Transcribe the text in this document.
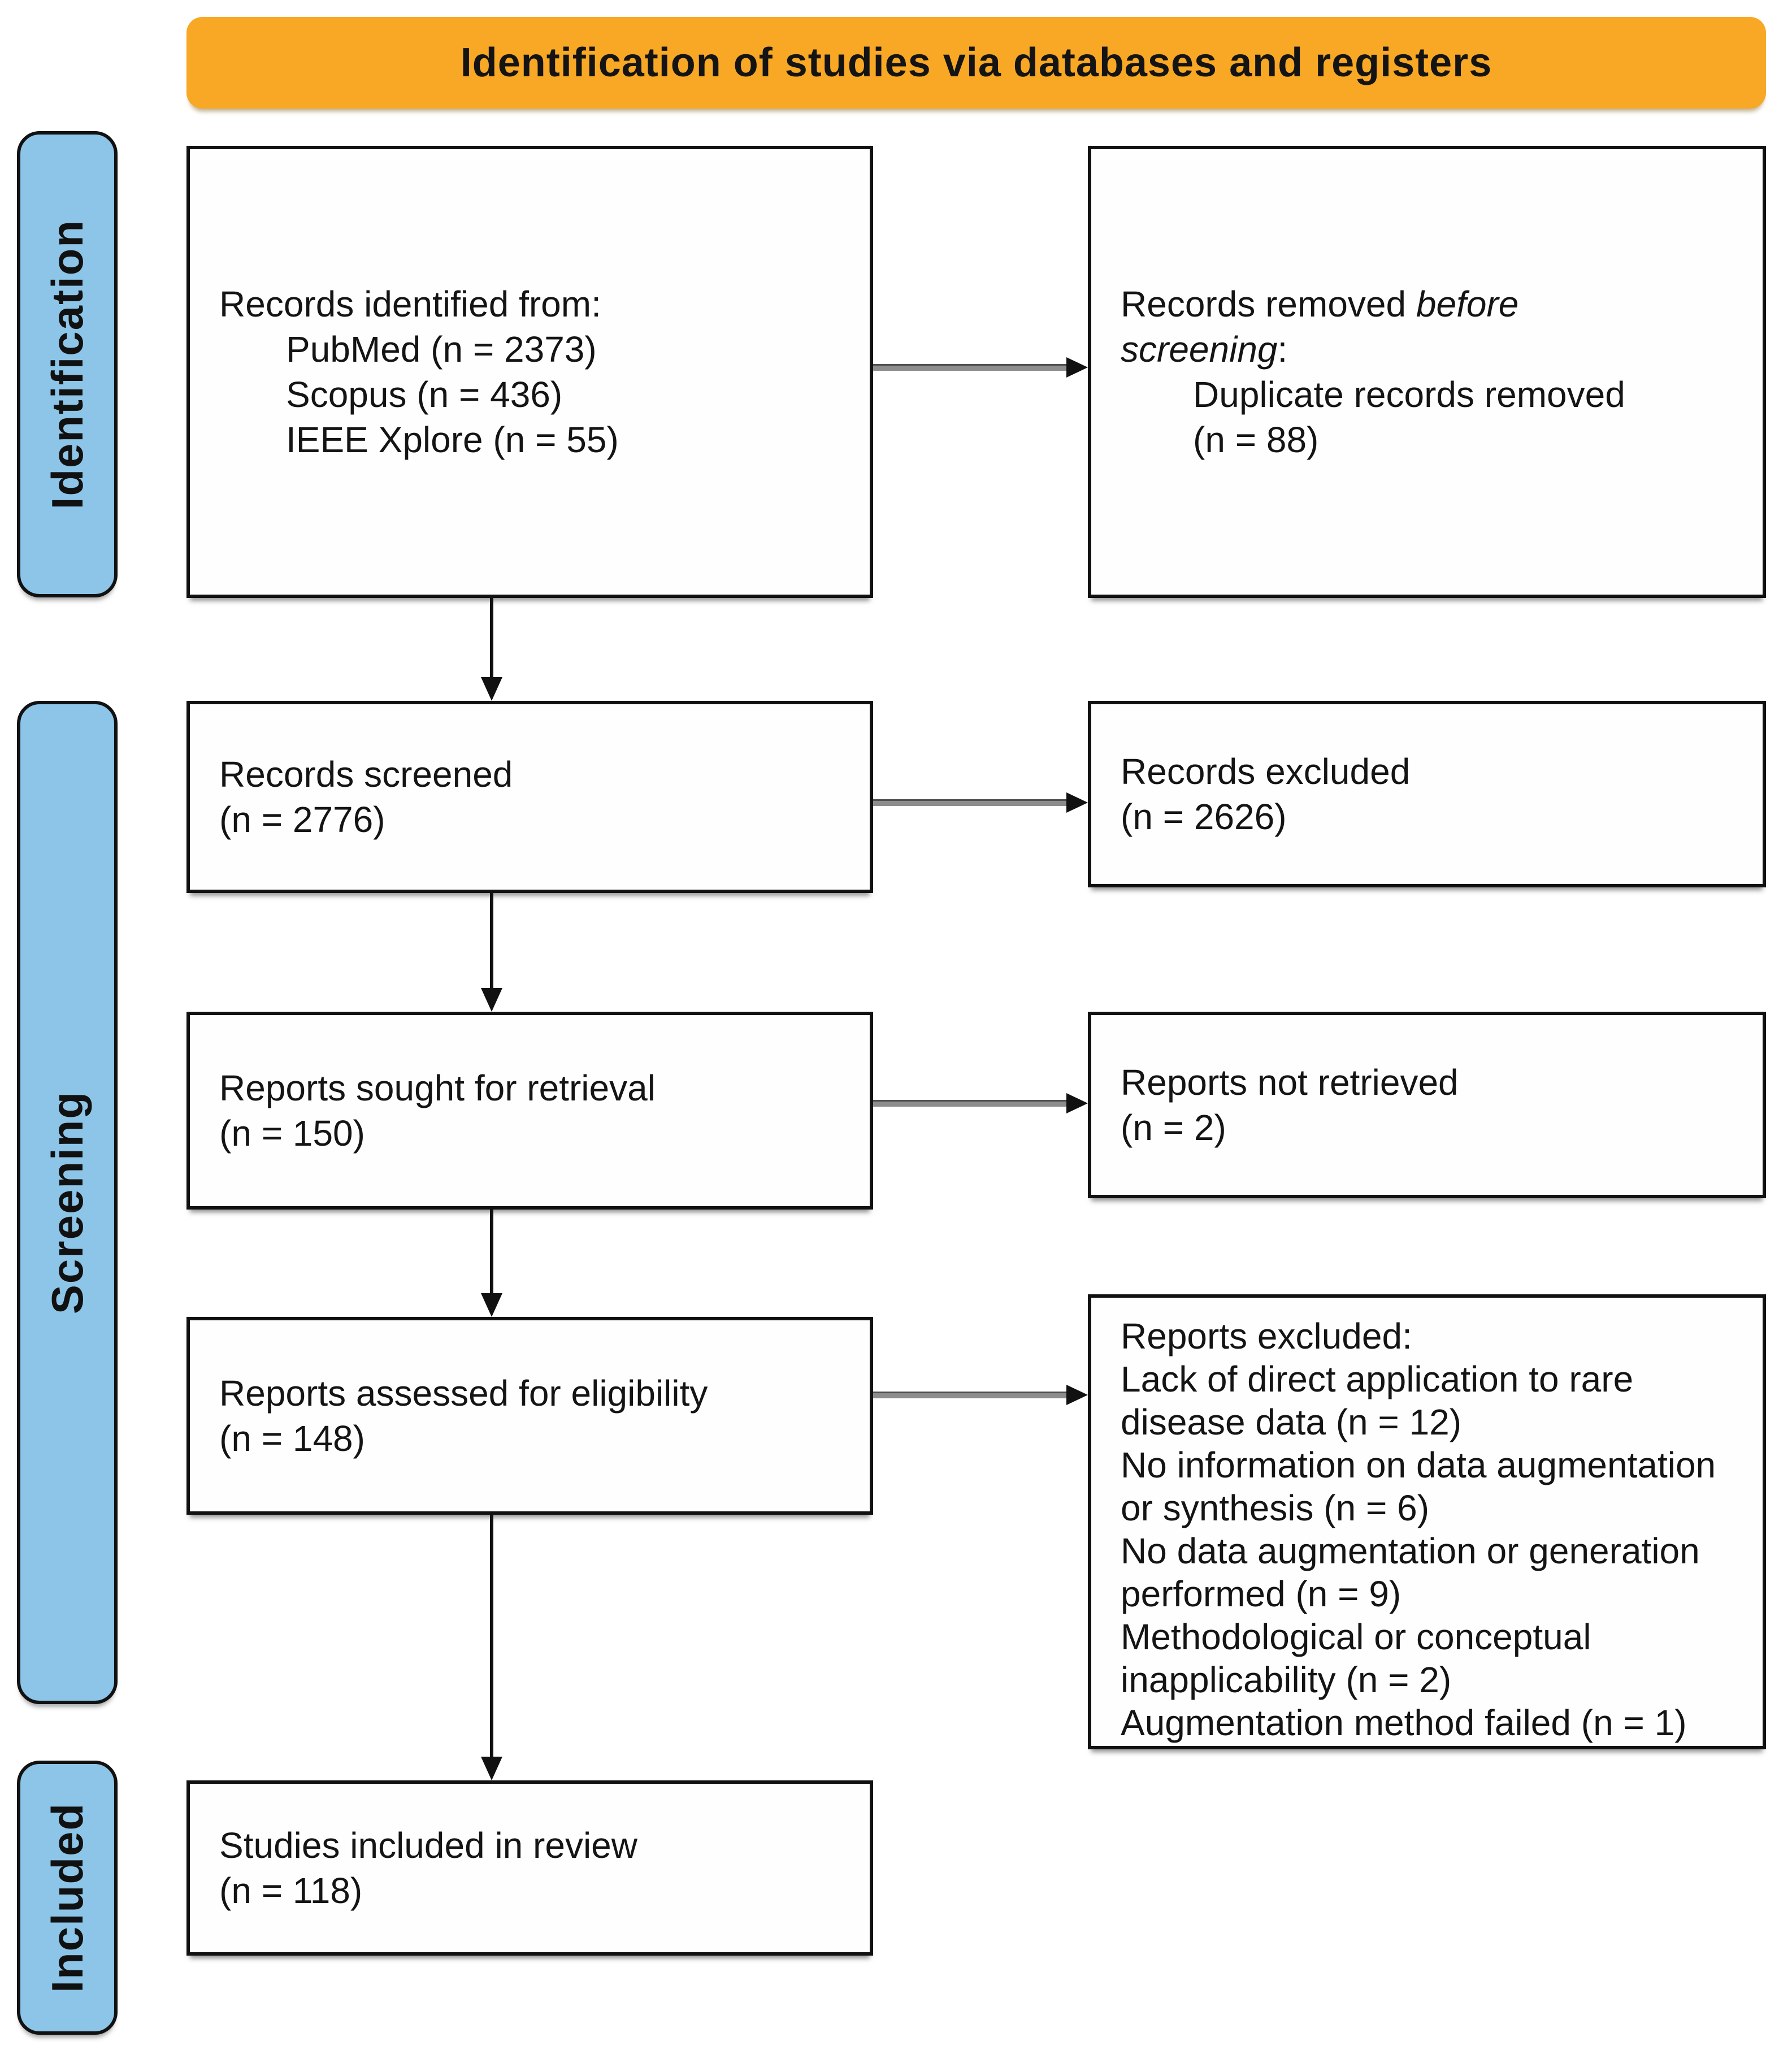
Identification of studies via databases and registers
Identification
Screening
Included
Records identified from:
PubMed (n = 2373)
Scopus (n = 436)
IEEE Xplore (n = 55)
Records removed before
screening:
Duplicate records removed
(n = 88)
Records screened
(n = 2776)
Records excluded
(n = 2626)
Reports sought for retrieval
(n = 150)
Reports not retrieved
(n = 2)
Reports assessed for eligibility
(n = 148)
Reports excluded:
Lack of direct application to rare disease data (n = 12)
No information on data augmentation or synthesis (n = 6)
No data augmentation or generation performed (n = 9)
Methodological or conceptual inapplicability (n = 2)
Augmentation method failed (n = 1)
Studies included in review
(n = 118)
